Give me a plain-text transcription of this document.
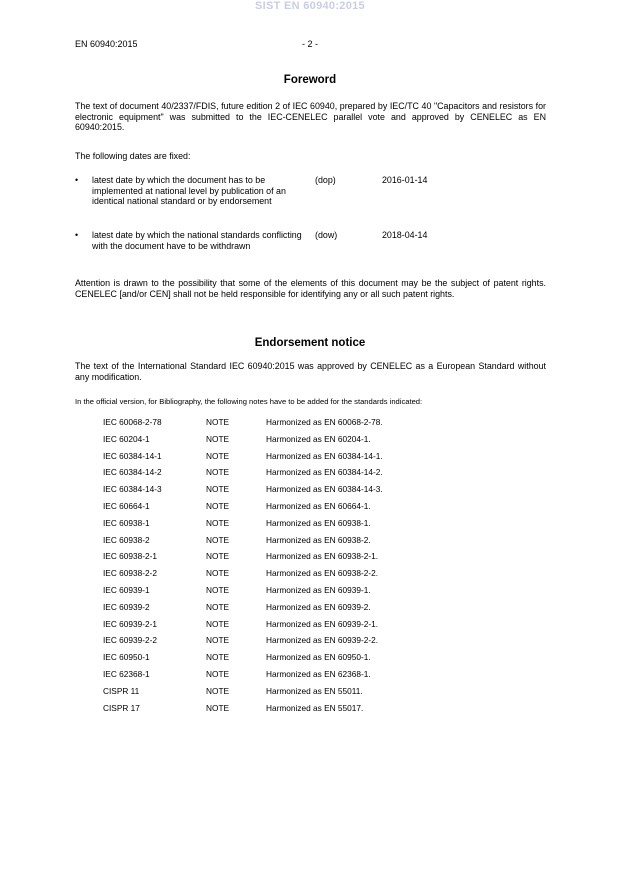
SIST EN 60940:2015
EN 60940:2015	- 2 -
Foreword
The text of document 40/2337/FDIS, future edition 2 of IEC 60940, prepared by IEC/TC 40 "Capacitors and resistors for electronic equipment" was submitted to the IEC-CENELEC parallel vote and approved by CENELEC as EN 60940:2015.
The following dates are fixed:
• latest date by which the document has to be implemented at national level by publication of an identical national standard or by endorsement
(dop)	2016-01-14
• latest date by which the national standards conflicting with the document have to be withdrawn
(dow)	2018-04-14
Attention is drawn to the possibility that some of the elements of this document may be the subject of patent rights. CENELEC [and/or CEN] shall not be held responsible for identifying any or all such patent rights.
Endorsement notice
The text of the International Standard IEC 60940:2015 was approved by CENELEC as a European Standard without any modification.
In the official version, for Bibliography, the following notes have to be added for the standards indicated:
IEC 60068-2-78	NOTE	Harmonized as EN 60068-2-78.
IEC 60204-1	NOTE	Harmonized as EN 60204-1.
IEC 60384-14-1	NOTE	Harmonized as EN 60384-14-1.
IEC 60384-14-2	NOTE	Harmonized as EN 60384-14-2.
IEC 60384-14-3	NOTE	Harmonized as EN 60384-14-3.
IEC 60664-1	NOTE	Harmonized as EN 60664-1.
IEC 60938-1	NOTE	Harmonized as EN 60938-1.
IEC 60938-2	NOTE	Harmonized as EN 60938-2.
IEC 60938-2-1	NOTE	Harmonized as EN 60938-2-1.
IEC 60938-2-2	NOTE	Harmonized as EN 60938-2-2.
IEC 60939-1	NOTE	Harmonized as EN 60939-1.
IEC 60939-2	NOTE	Harmonized as EN 60939-2.
IEC 60939-2-1	NOTE	Harmonized as EN 60939-2-1.
IEC 60939-2-2	NOTE	Harmonized as EN 60939-2-2.
IEC 60950-1	NOTE	Harmonized as EN 60950-1.
IEC 62368-1	NOTE	Harmonized as EN 62368-1.
CISPR 11	NOTE	Harmonized as EN 55011.
CISPR 17	NOTE	Harmonized as EN 55017.
